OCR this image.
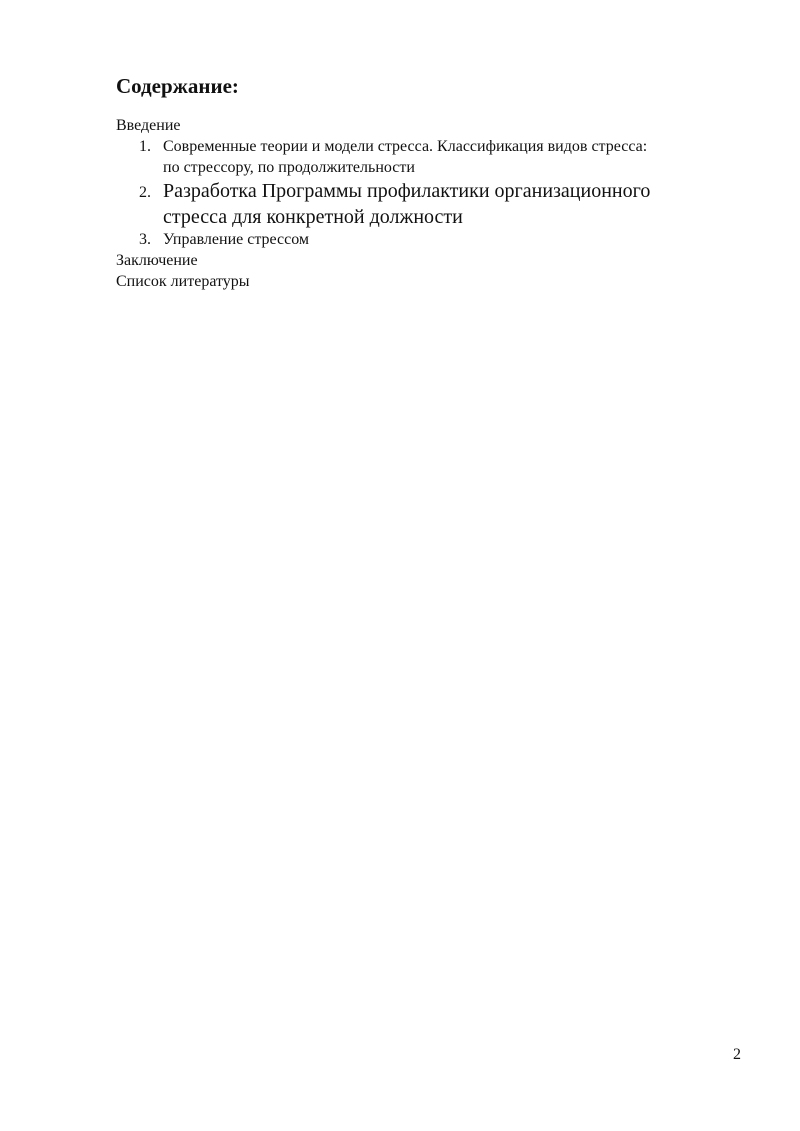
Содержание:
Введение
1. Современные теории и модели стресса. Классификация видов стресса:
по стрессору, по продолжительности
2. Разработка Программы профилактики организационного
стресса для конкретной должности
3. Управление стрессом
Заключение
Список литературы
2
